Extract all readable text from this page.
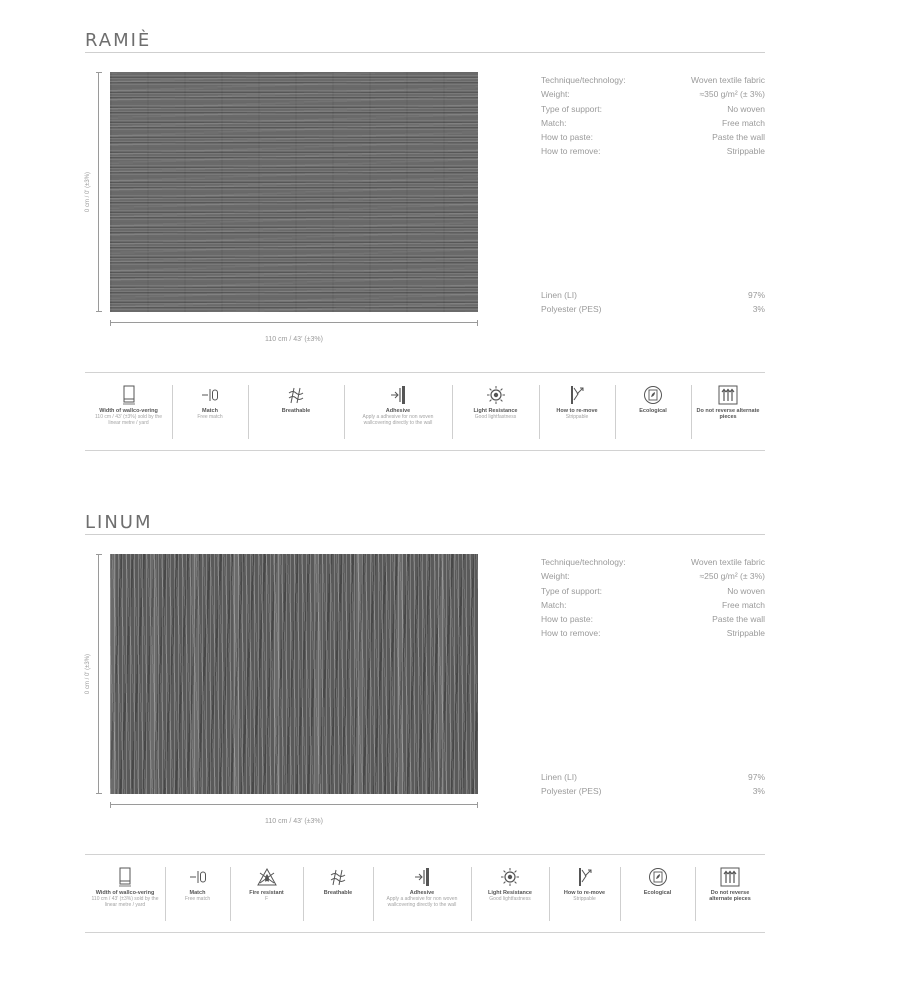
RAMIÈ
0 cm / 0' (±3%)
110 cm / 43' (±3%)
Technique/technology:	Woven textile fabric
Weight:	≈350 g/m² (± 3%)
Type of support:	No woven
Match:	Free match
How to paste:	Paste the wall
How to remove:	Strippable
Linen (LI)	97%
Polyester (PES)	3%
Width of wallco-vering
110 cm / 43' (±3%) sold by the linear metre / yard
Match
Free match
Breathable	Adhesive
Apply a adhesive for non woven wallcovering directly to the wall
Light Resistance
Good lightfastness
How to re-move
Strippable
Ecological	Do not reverse alternate pieces
LINUM
0 cm / 0' (±3%)
110 cm / 43' (±3%)
Technique/technology:	Woven textile fabric
Weight:	≈250 g/m² (± 3%)
Type of support:	No woven
Match:	Free match
How to paste:	Paste the wall
How to remove:	Strippable
Linen (LI)	97%
Polyester (PES)	3%
Width of wallco-vering
110 cm / 43' (±3%) sold by the linear metre / yard
Match
Free match
Fire resistant
F
Breathable	Adhesive
Apply a adhesive for non woven wallcovering directly to the wall
Light Resistance
Good lightfastness
How to re-move
Strippable
Ecological	Do not reverse alternate pieces
